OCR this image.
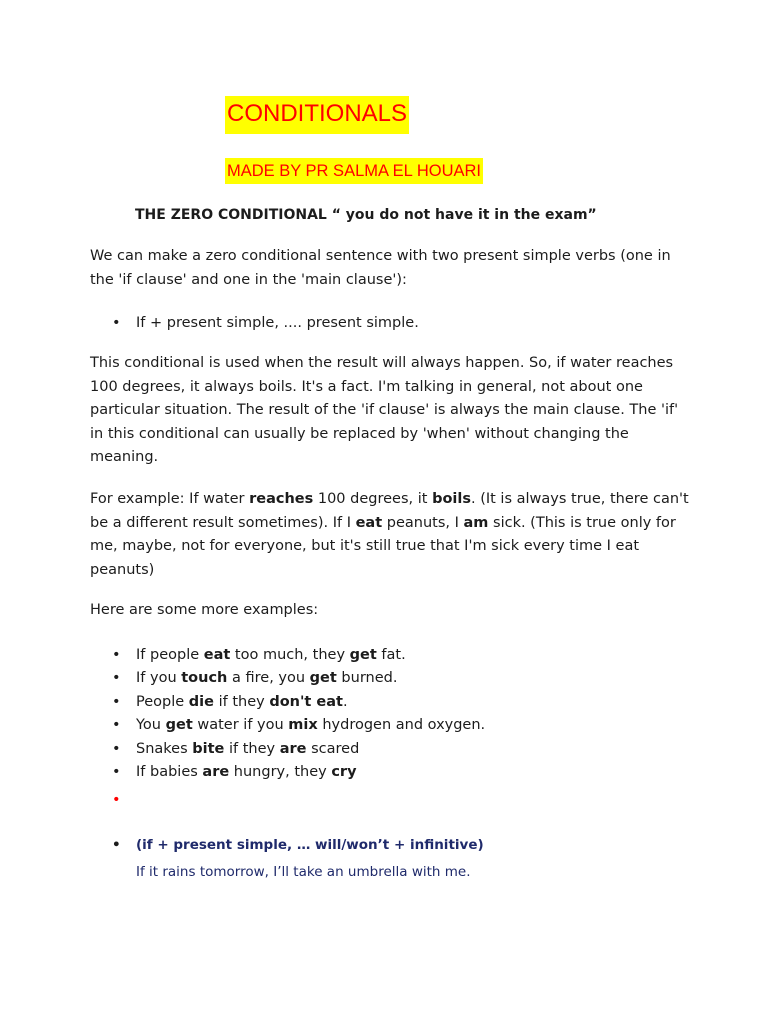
CONDITIONALS
MADE BY PR SALMA EL HOUARI
THE ZERO CONDITIONAL “ you do not have it in the exam”

We can make a zero conditional sentence with two present simple verbs (one in the 'if clause' and one in the 'main clause'):

• If + present simple, .... present simple.

This conditional is used when the result will always happen. So, if water reaches 100 degrees, it always boils. It's a fact. I'm talking in general, not about one particular situation. The result of the 'if clause' is always the main clause. The 'if' in this conditional can usually be replaced by 'when' without changing the meaning.

For example: If water reaches 100 degrees, it boils. (It is always true, there can't be a different result sometimes). If I eat peanuts, I am sick. (This is true only for me, maybe, not for everyone, but it's still true that I'm sick every time I eat peanuts)

Here are some more examples:

• If people eat too much, they get fat.
• If you touch a fire, you get burned.
• People die if they don't eat.
• You get water if you mix hydrogen and oxygen.
• Snakes bite if they are scared
• If babies are hungry, they cry
•
• (if + present simple, … will/won’t + infinitive)
If it rains tomorrow, I’ll take an umbrella with me.
